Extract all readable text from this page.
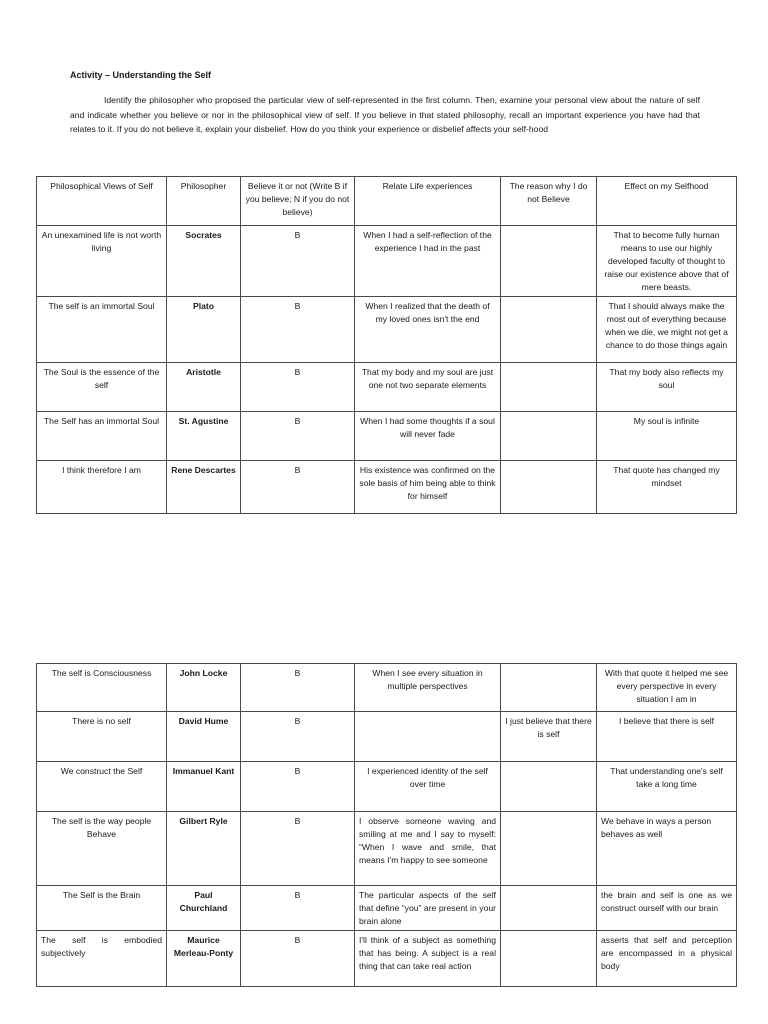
Activity – Understanding the Self

Identify the philosopher who proposed the particular view of self-represented in the first column. Then, examine your personal view about the nature of self and indicate whether you believe or nor in the philosophical view of self. If you believe in that stated philosophy, recall an important experience you have had that relates to it. If you do not believe it, explain your disbelief. How do you think your experience or disbelief affects your self-hood

Philosophical Views of Self	Philosopher	Believe it or not (Write B if you believe; N if you do not believe)	Relate Life experiences	The reason why I do not Believe	Effect on my Selfhood
An unexamined life is not worth living	Socrates	B	When I had a self-reflection of the experience I had in the past		That to become fully human means to use our highly developed faculty of thought to raise our existence above that of mere beasts.
The self is an immortal Soul	Plato	B	When I realized that the death of my loved ones isn't the end		That I should always make the most out of everything because when we die, we might not get a chance to do those things again
The Soul is the essence of the self	Aristotle	B	That my body and my soul are just one not two separate elements		That my body also reflects my soul
The Self has an immortal Soul	St. Agustine	B	When I had some thoughts if a soul will never fade		My soul is infinite
I think therefore I am	Rene Descartes	B	His existence was confirmed on the sole basis of him being able to think for himself		That quote has changed my mindset
The self is Consciousness	John Locke	B	When I see every situation in multiple perspectives		With that quote it helped me see every perspective in every situation I am in
There is no self	David Hume	B		I just believe that there is self	I believe that there is self
We construct the Self	Immanuel Kant	B	I experienced identity of the self over time		That understanding one's self take a long time
The self is the way people Behave	Gilbert Ryle	B	I observe someone waving and smiling at me and I say to myself: “When I wave and smile, that means I'm happy to see someone		We behave in ways a person behaves as well
The Self is the Brain	Paul Churchland	B	The particular aspects of the self that define “you” are present in your brain alone		the brain and self is one as we construct ourself with our brain
The self is embodied subjectively	Maurice Merleau-Ponty	B	I'll think of a subject as something that has being. A subject is a real thing that can take real action		asserts that self and perception are encompassed in a physical body
